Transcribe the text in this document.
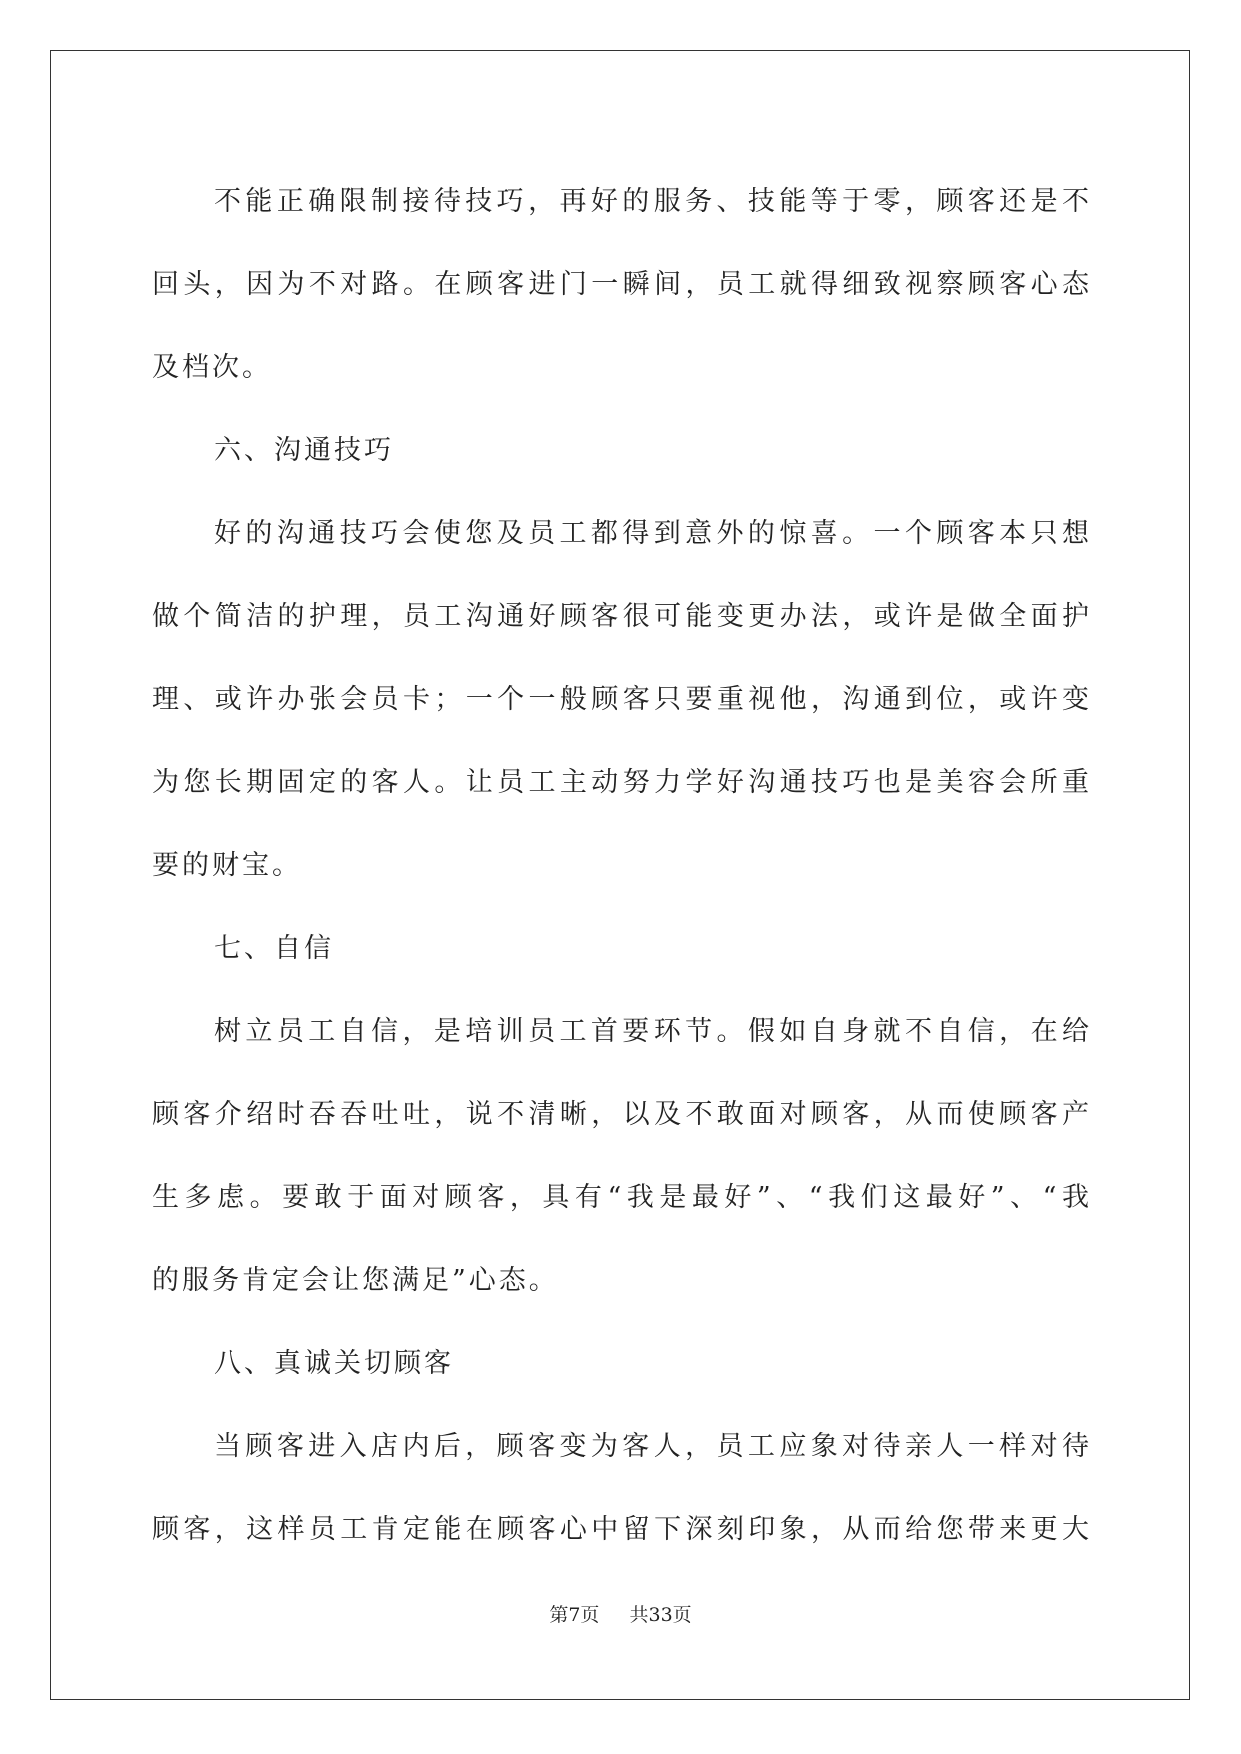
不能正确限制接待技巧，再好的服务、技能等于零，顾客还是不
回头，因为不对路。在顾客进门一瞬间，员工就得细致视察顾客心态
及档次。
六、沟通技巧
好的沟通技巧会使您及员工都得到意外的惊喜。一个顾客本只想
做个简洁的护理，员工沟通好顾客很可能变更办法，或许是做全面护
理、或许办张会员卡；一个一般顾客只要重视他，沟通到位，或许变
为您长期固定的客人。让员工主动努力学好沟通技巧也是美容会所重
要的财宝。
七、自信
树立员工自信，是培训员工首要环节。假如自身就不自信，在给
顾客介绍时吞吞吐吐，说不清晰，以及不敢面对顾客，从而使顾客产
生多虑。要敢于面对顾客，具有“我是最好”、“我们这最好”、“我
的服务肯定会让您满足”心态。
八、真诚关切顾客
当顾客进入店内后，顾客变为客人，员工应象对待亲人一样对待
顾客，这样员工肯定能在顾客心中留下深刻印象，从而给您带来更大
第7页 共33页
